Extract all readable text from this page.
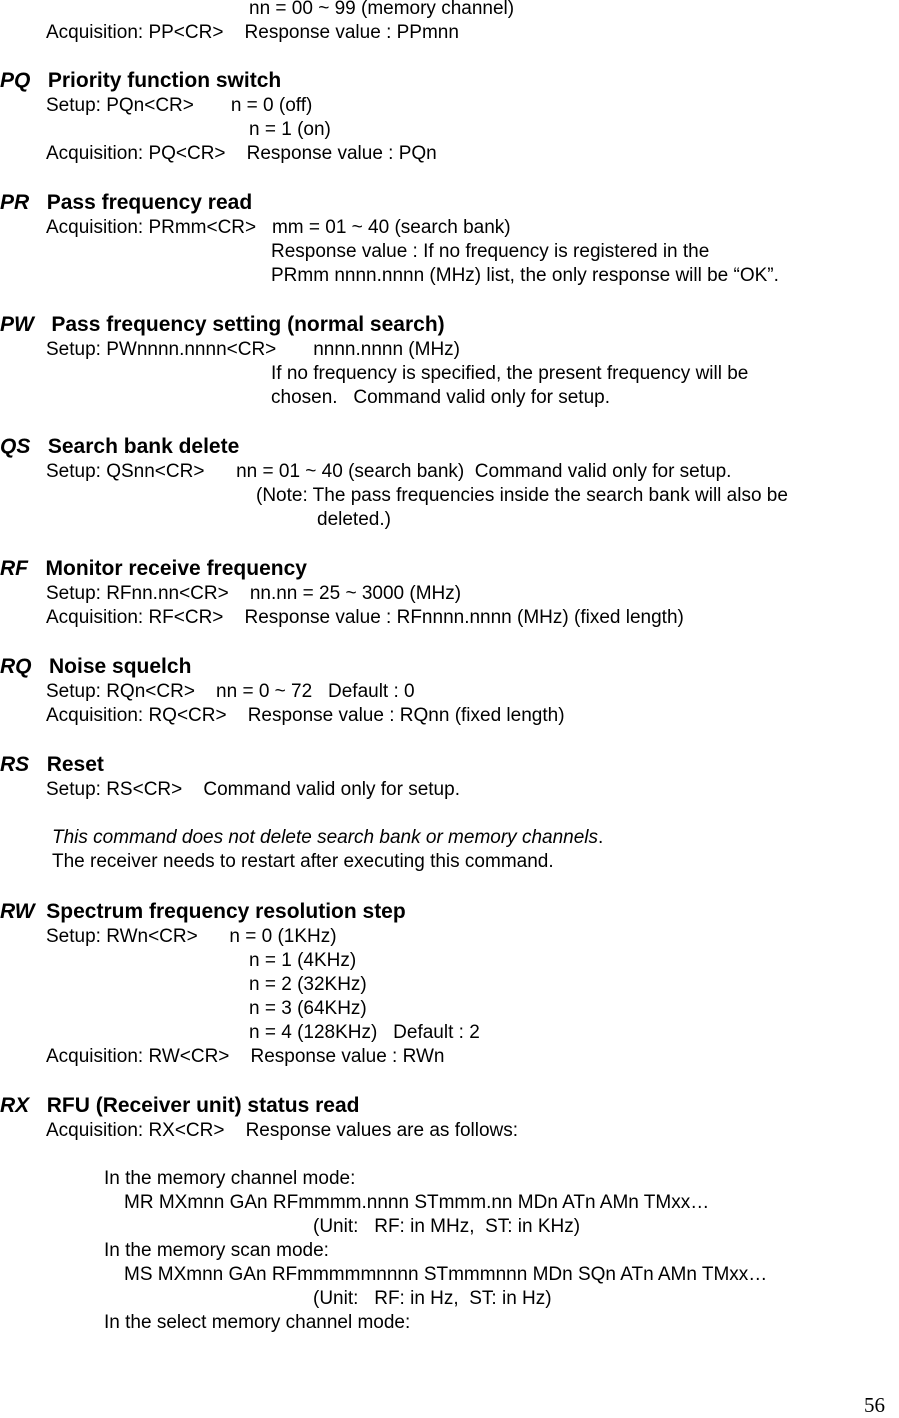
nn = 00 ~ 99 (memory channel)
Acquisition: PP<CR>    Response value : PPmnn
PQ Priority function switch
Setup: PQn<CR>       n = 0 (off)
n = 1 (on)
Acquisition: PQ<CR>    Response value : PQn
PR Pass frequency read
Acquisition: PRmm<CR>   mm = 01 ~ 40 (search bank)
Response value : If no frequency is registered in the
PRmm nnnn.nnnn (MHz) list, the only response will be “OK”.
PW Pass frequency setting (normal search)
Setup: PWnnnn.nnnn<CR>       nnnn.nnnn (MHz)
If no frequency is specified, the present frequency will be
chosen.   Command valid only for setup.
QS Search bank delete
Setup: QSnn<CR>      nn = 01 ~ 40 (search bank)  Command valid only for setup.
(Note: The pass frequencies inside the search bank will also be
deleted.)
RF Monitor receive frequency
Setup: RFnn.nn<CR>    nn.nn = 25 ~ 3000 (MHz)
Acquisition: RF<CR>    Response value : RFnnnn.nnnn (MHz) (fixed length)
RQ Noise squelch
Setup: RQn<CR>    nn = 0 ~ 72   Default : 0
Acquisition: RQ<CR>    Response value : RQnn (fixed length)
RS Reset
Setup: RS<CR>    Command valid only for setup.
This command does not delete search bank or memory channels.
The receiver needs to restart after executing this command.
RW Spectrum frequency resolution step
Setup: RWn<CR>      n = 0 (1KHz)
n = 1 (4KHz)
n = 2 (32KHz)
n = 3 (64KHz)
n = 4 (128KHz)   Default : 2
Acquisition: RW<CR>    Response value : RWn
RX RFU (Receiver unit) status read
Acquisition: RX<CR>    Response values are as follows:
In the memory channel mode:
MR MXmnn GAn RFmmmm.nnnn STmmm.nn MDn ATn AMn TMxx…
(Unit:   RF: in MHz,  ST: in KHz)
In the memory scan mode:
MS MXmnn GAn RFmmmmmnnnn STmmmnnn MDn SQn ATn AMn TMxx…
(Unit:   RF: in Hz,  ST: in Hz)
In the select memory channel mode:
56
